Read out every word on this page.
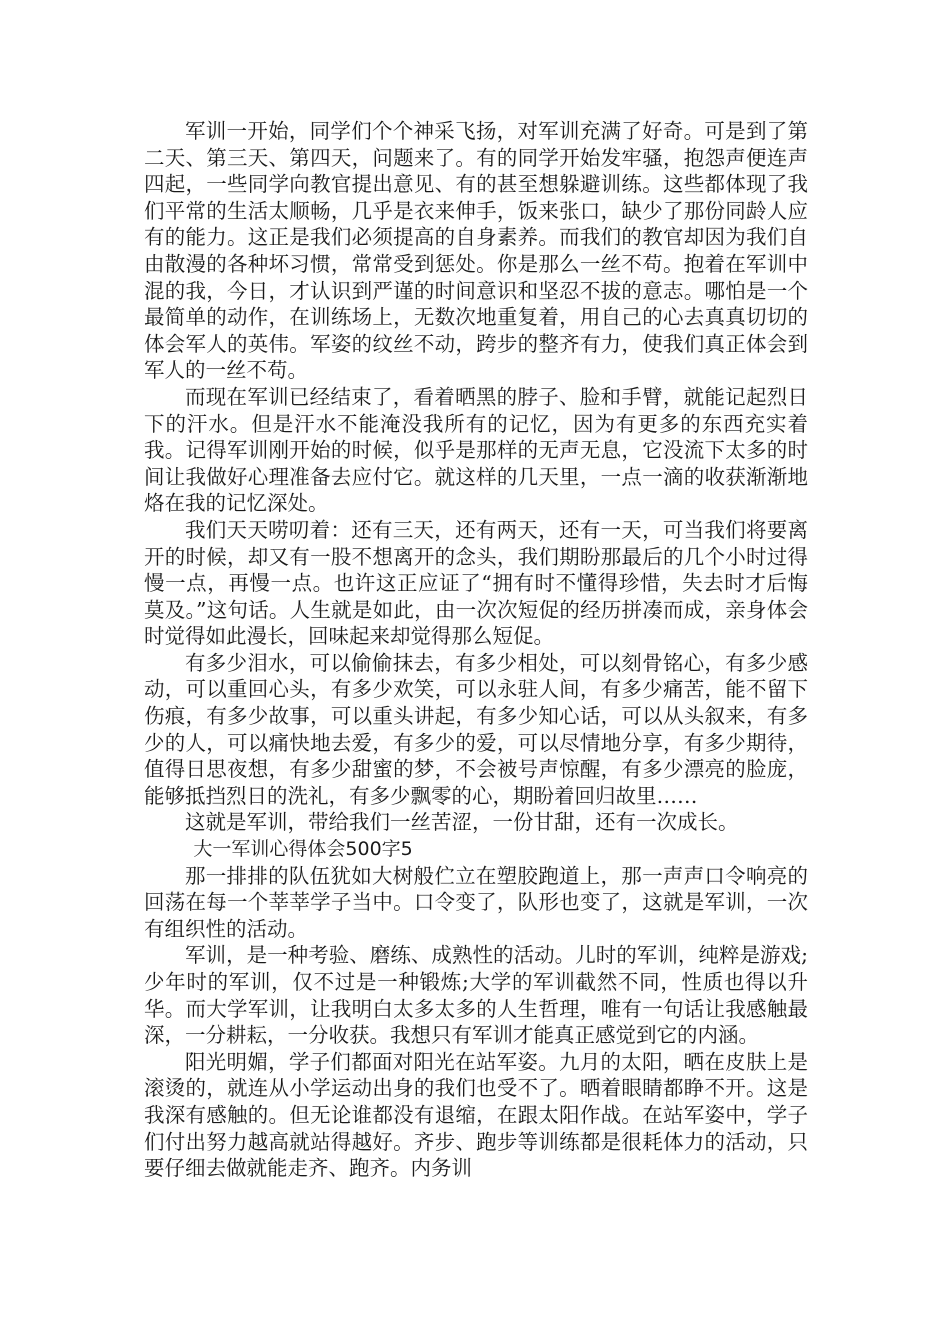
军训一开始，同学们个个神采飞扬，对军训充满了好奇。可是到了第二天、第三天、第四天，问题来了。有的同学开始发牢骚，抱怨声便连声四起，一些同学向教官提出意见、有的甚至想躲避训练。这些都体现了我们平常的生活太顺畅，几乎是衣来伸手，饭来张口，缺少了那份同龄人应有的能力。这正是我们必须提高的自身素养。而我们的教官却因为我们自由散漫的各种坏习惯，常常受到惩处。你是那么一丝不苟。抱着在军训中混的我，今日，才认识到严谨的时间意识和坚忍不拔的意志。哪怕是一个最简单的动作，在训练场上，无数次地重复着，用自己的心去真真切切的体会军人的英伟。军姿的纹丝不动，跨步的整齐有力，使我们真正体会到军人的一丝不苟。

而现在军训已经结束了，看着晒黑的脖子、脸和手臂，就能记起烈日下的汗水。但是汗水不能淹没我所有的记忆，因为有更多的东西充实着我。记得军训刚开始的时候，似乎是那样的无声无息，它没流下太多的时间让我做好心理准备去应付它。就这样的几天里，一点一滴的收获渐渐地烙在我的记忆深处。

我们天天唠叨着：还有三天，还有两天，还有一天，可当我们将要离开的时候，却又有一股不想离开的念头，我们期盼那最后的几个小时过得慢一点，再慢一点。也许这正应证了“拥有时不懂得珍惜，失去时才后悔莫及。”这句话。人生就是如此，由一次次短促的经历拼凑而成，亲身体会时觉得如此漫长，回味起来却觉得那么短促。

有多少泪水，可以偷偷抹去，有多少相处，可以刻骨铭心，有多少感动，可以重回心头，有多少欢笑，可以永驻人间，有多少痛苦，能不留下伤痕，有多少故事，可以重头讲起，有多少知心话，可以从头叙来，有多少的人，可以痛快地去爱，有多少的爱，可以尽情地分享，有多少期待，值得日思夜想，有多少甜蜜的梦，不会被号声惊醒，有多少漂亮的脸庞，能够抵挡烈日的洗礼，有多少飘零的心，期盼着回归故里……

这就是军训，带给我们一丝苦涩，一份甘甜，还有一次成长。

大一军训心得体会500字5

那一排排的队伍犹如大树般伫立在塑胶跑道上，那一声声口令响亮的回荡在每一个莘莘学子当中。口令变了，队形也变了，这就是军训，一次有组织性的活动。

军训，是一种考验、磨练、成熟性的活动。儿时的军训，纯粹是游戏;少年时的军训，仅不过是一种锻炼;大学的军训截然不同，性质也得以升华。而大学军训，让我明白太多太多的人生哲理，唯有一句话让我感触最深，一分耕耘，一分收获。我想只有军训才能真正感觉到它的内涵。

阳光明媚，学子们都面对阳光在站军姿。九月的太阳，晒在皮肤上是滚烫的，就连从小学运动出身的我们也受不了。晒着眼睛都睁不开。这是我深有感触的。但无论谁都没有退缩，在跟太阳作战。在站军姿中，学子们付出努力越高就站得越好。齐步、跑步等训练都是很耗体力的活动，只要仔细去做就能走齐、跑齐。内务训
